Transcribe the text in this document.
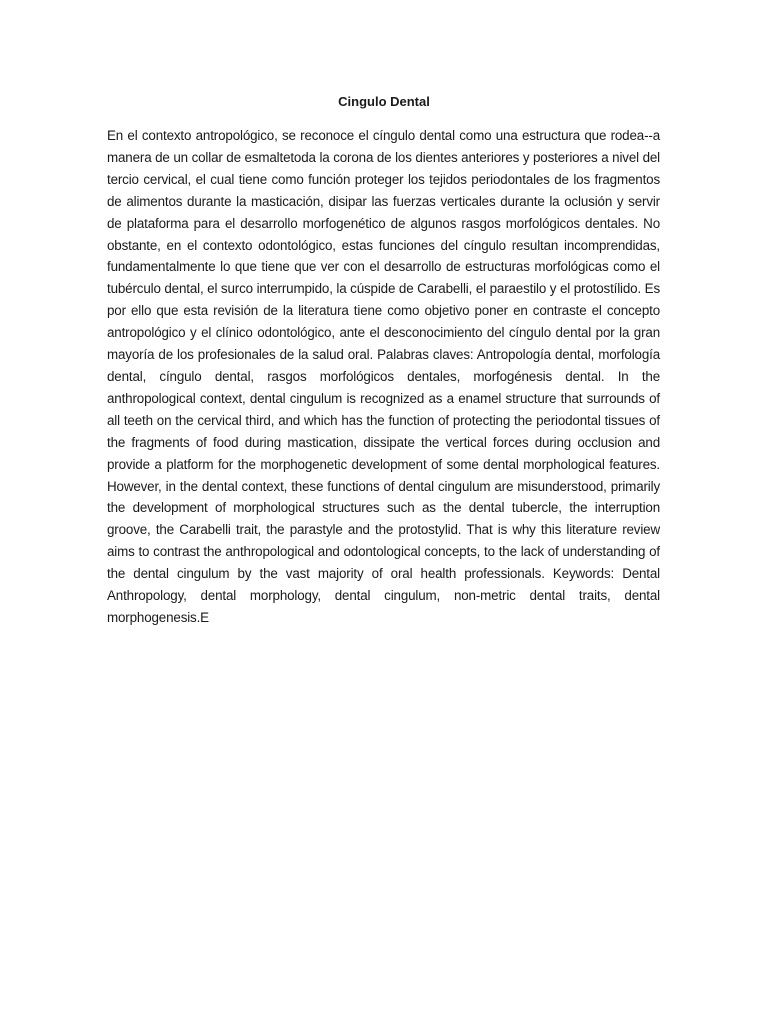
Cingulo Dental

En el contexto antropológico, se reconoce el cíngulo dental como una estructura que rodea--a manera de un collar de esmaltetoda la corona de los dientes anteriores y posteriores a nivel del tercio cervical, el cual tiene como función proteger los tejidos periodontales de los fragmentos de alimentos durante la masticación, disipar las fuerzas verticales durante la oclusión y servir de plataforma para el desarrollo morfogenético de algunos rasgos morfológicos dentales. No obstante, en el contexto odontológico, estas funciones del cíngulo resultan incomprendidas, fundamentalmente lo que tiene que ver con el desarrollo de estructuras morfológicas como el tubérculo dental, el surco interrumpido, la cúspide de Carabelli, el paraestilo y el protostílido. Es por ello que esta revisión de la literatura tiene como objetivo poner en contraste el concepto antropológico y el clínico odontológico, ante el desconocimiento del cíngulo dental por la gran mayoría de los profesionales de la salud oral. Palabras claves: Antropología dental, morfología dental, cíngulo dental, rasgos morfológicos dentales, morfogénesis dental. In the anthropological context, dental cingulum is recognized as a enamel structure that surrounds of all teeth on the cervical third, and which has the function of protecting the periodontal tissues of the fragments of food during mastication, dissipate the vertical forces during occlusion and provide a platform for the morphogenetic development of some dental morphological features. However, in the dental context, these functions of dental cingulum are misunderstood, primarily the development of morphological structures such as the dental tubercle, the interruption groove, the Carabelli trait, the parastyle and the protostylid. That is why this literature review aims to contrast the anthropological and odontological concepts, to the lack of understanding of the dental cingulum by the vast majority of oral health professionals. Keywords: Dental Anthropology, dental morphology, dental cingulum, non-metric dental traits, dental morphogenesis.E
